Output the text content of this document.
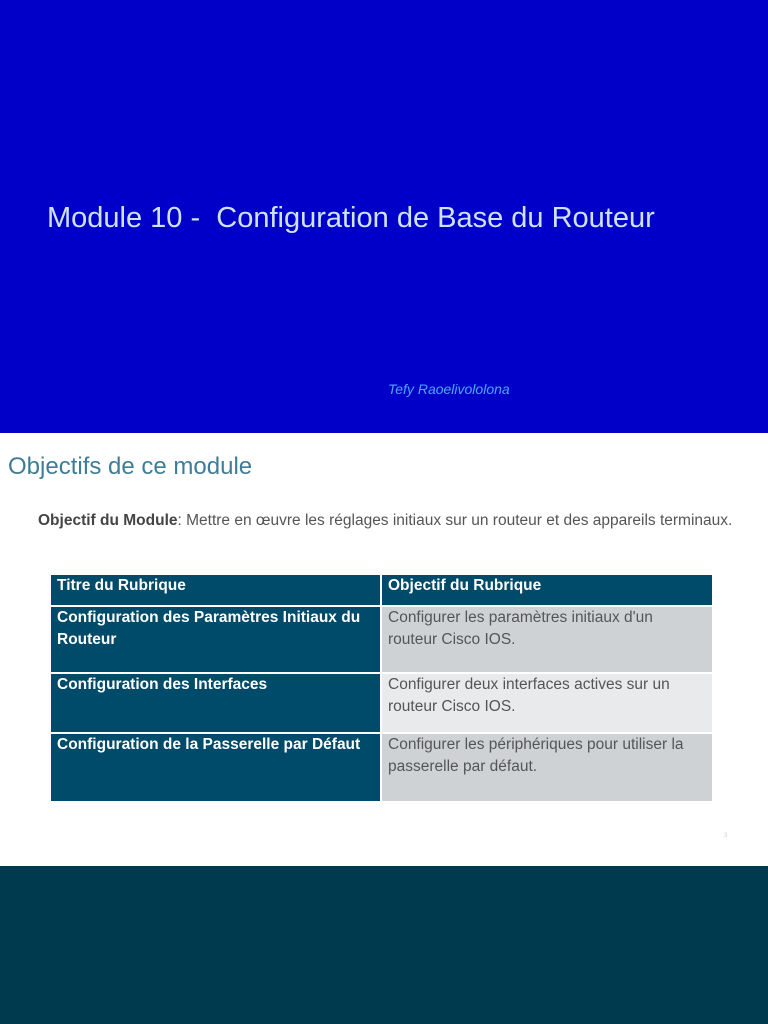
Module 10 -  Configuration de Base du Routeur
Tefy Raoelivololona
Objectifs de ce module
Objectif du Module: Mettre en œuvre les réglages initiaux sur un routeur et des appareils terminaux.
Titre du Rubrique	Objectif du Rubrique
Configuration des Paramètres Initiaux du Routeur	Configurer les paramètres initiaux d'un routeur Cisco IOS.
Configuration des Interfaces	Configurer deux interfaces actives sur un routeur Cisco IOS.
Configuration de la Passerelle par Défaut	Configurer les périphériques pour utiliser la passerelle par défaut.
3
